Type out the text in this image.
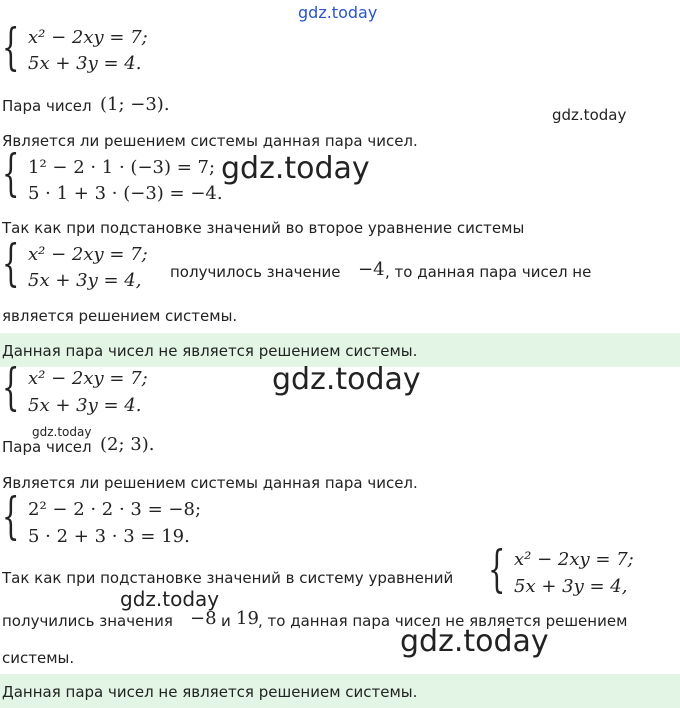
gdz.today
{ x² − 2xy = 7;
5x + 3y = 4.
Пара чисел (1; −3).	gdz.today
Является ли решением системы данная пара чисел.
{ 1² − 2 · 1 · (−3) = 7;
5 · 1 + 3 · (−3) = −4.
gdz.today
Так как при подстановке значений во второе уравнение системы
{ x² − 2xy = 7;
5x + 3y = 4, получилось значение −4 , то данная пара чисел не
является решением системы.
Данная пара чисел не является решением системы.
{ x² − 2xy = 7;
5x + 3y = 4.
gdz.today
gdz.today
Пара чисел (2; 3).
Является ли решением системы данная пара чисел.
{ 2² − 2 · 2 · 3 = −8;
5 · 2 + 3 · 3 = 19.
Так как при подстановке значений в систему уравнений { x² − 2xy = 7;
5x + 3y = 4,
gdz.today
получились значения −8 и 19 , то данная пара чисел не является решением
gdz.today
системы.
Данная пара чисел не является решением системы.
